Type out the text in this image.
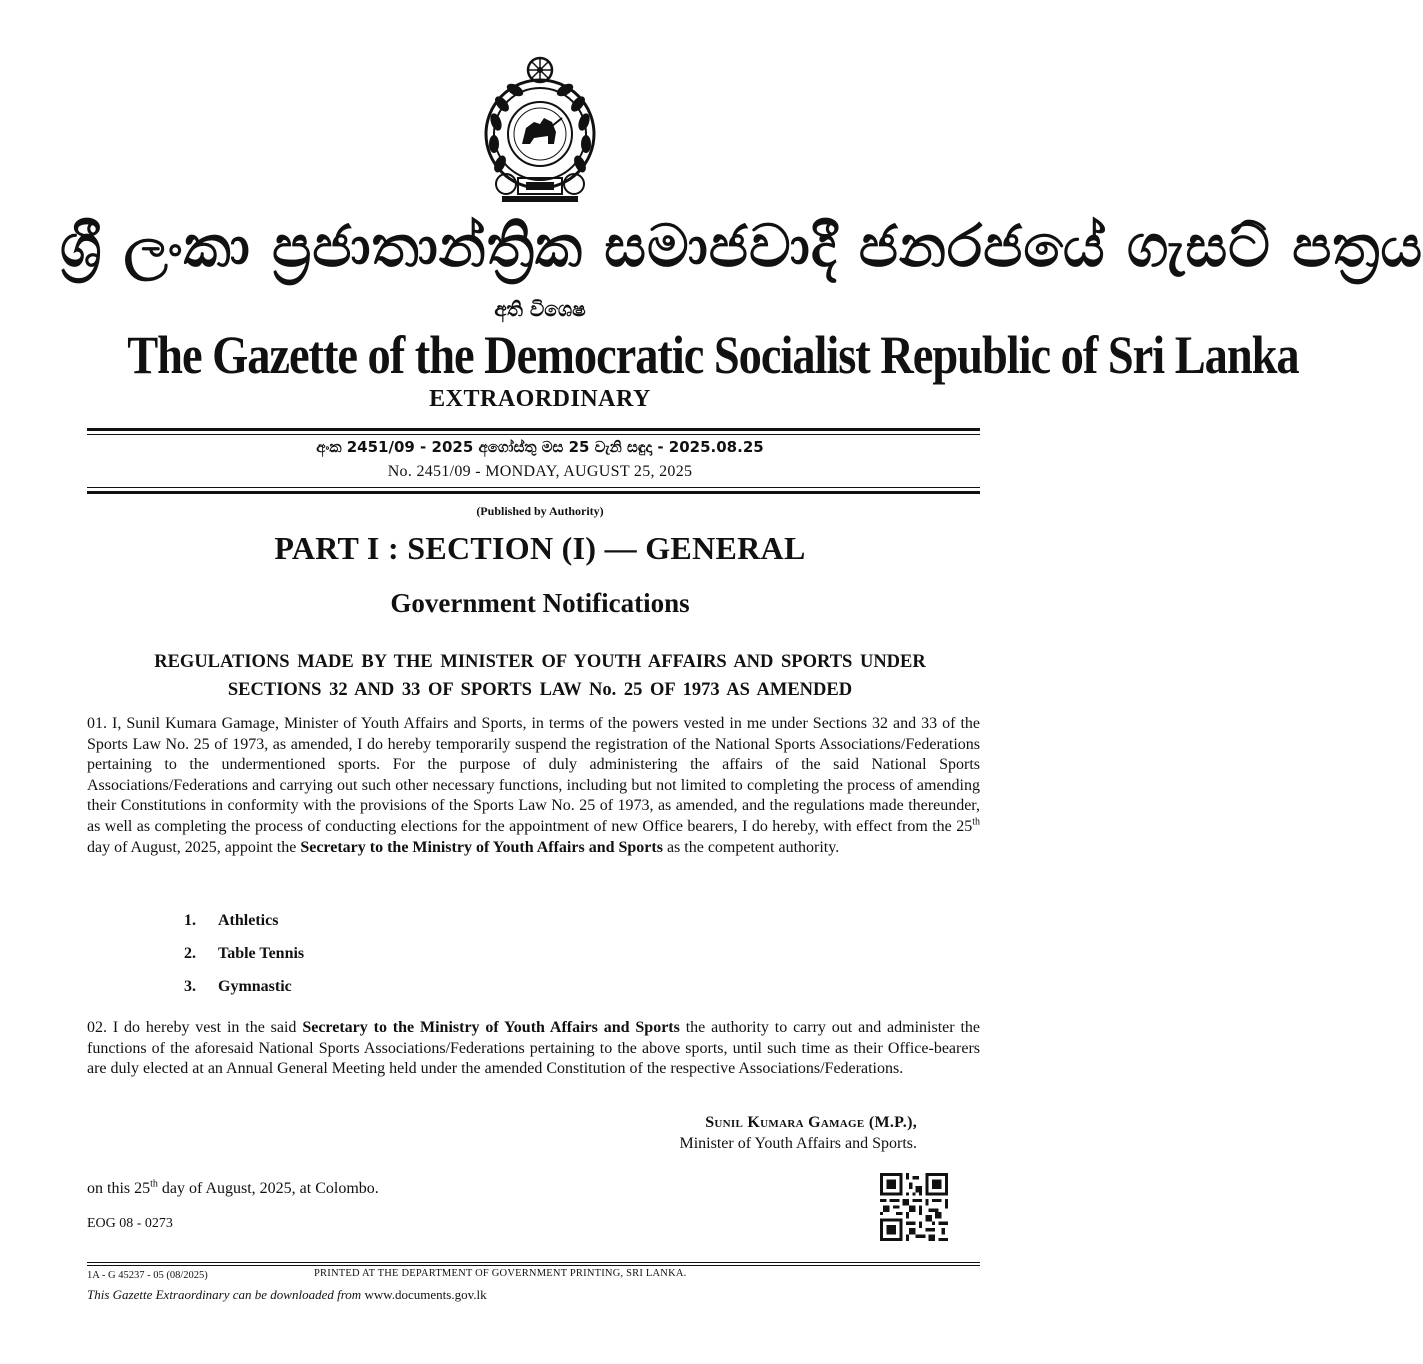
ශ්‍රී ලංකා ප්‍රජාතාන්ත්‍රික සමාජවාදී ජනරජයේ ගැසට් පත්‍රය
අති විශෙෂ
The Gazette of the Democratic Socialist Republic of Sri Lanka
EXTRAORDINARY
අංක 2451/09 - 2025 අගෝස්තු මස 25 වැනි සඳුදා - 2025.08.25
No. 2451/09 - MONDAY, AUGUST 25, 2025
(Published by Authority)
PART I : SECTION (I) — GENERAL
Government Notifications
REGULATIONS MADE BY THE MINISTER OF YOUTH AFFAIRS AND SPORTS UNDER
SECTIONS 32 AND 33 OF SPORTS LAW No. 25 OF 1973 AS AMENDED
01. I, Sunil Kumara Gamage, Minister of Youth Affairs and Sports, in terms of the powers vested in me under Sections 32 and 33 of the Sports Law No. 25 of 1973, as amended, I do hereby temporarily suspend the registration of the National Sports Associations/Federations pertaining to the undermentioned sports. For the purpose of duly administering the affairs of the said National Sports Associations/Federations and carrying out such other necessary functions, including but not limited to completing the process of amending their Constitutions in conformity with the provisions of the Sports Law No. 25 of 1973, as amended, and the regulations made thereunder, as well as completing the process of conducting elections for the appointment of new Office bearers, I do hereby, with effect from the 25th day of August, 2025, appoint the Secretary to the Ministry of Youth Affairs and Sports as the competent authority.
1. Athletics
2. Table Tennis
3. Gymnastic
02. I do hereby vest in the said Secretary to the Ministry of Youth Affairs and Sports the authority to carry out and administer the functions of the aforesaid National Sports Associations/Federations pertaining to the above sports, until such time as their Office-bearers are duly elected at an Annual General Meeting held under the amended Constitution of the respective Associations/Federations.
Sunil Kumara Gamage (M.P.),
Minister of Youth Affairs and Sports.
on this 25th day of August, 2025, at Colombo.
EOG 08 - 0273
1A - G 45237 - 05 (08/2025)	PRINTED AT THE DEPARTMENT OF GOVERNMENT PRINTING, SRI LANKA.
This Gazette Extraordinary can be downloaded from www.documents.gov.lk
